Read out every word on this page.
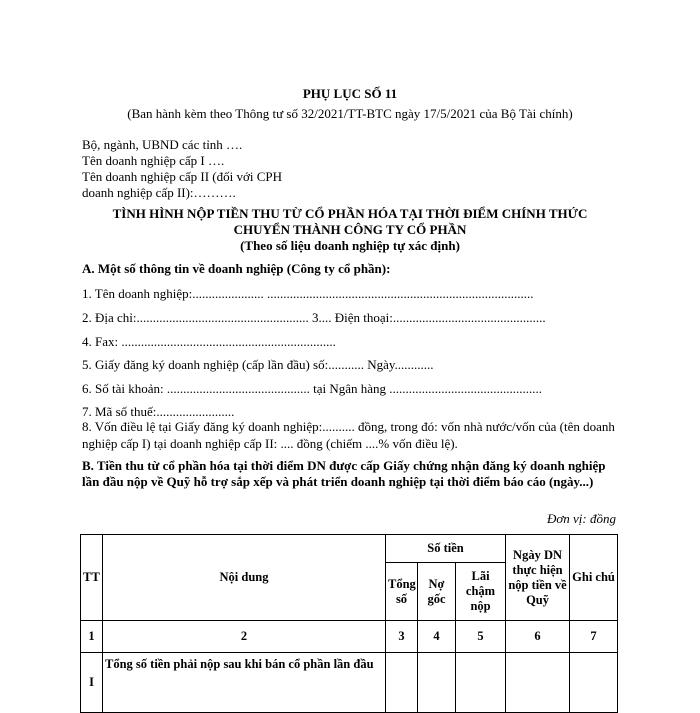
PHỤ LỤC SỐ 11
(Ban hành kèm theo Thông tư số 32/2021/TT-BTC ngày 17/5/2021 của Bộ Tài chính)
Bộ, ngành, UBND các tỉnh ….
Tên doanh nghiệp cấp I ….
Tên doanh nghiệp cấp II (đối với CPH
doanh nghiệp cấp II):……….
TÌNH HÌNH NỘP TIỀN THU TỪ CỔ PHẦN HÓA TẠI THỜI ĐIỂM CHÍNH THỨC
CHUYỂN THÀNH CÔNG TY CỔ PHẦN
(Theo số liệu doanh nghiệp tự xác định)
A. Một số thông tin về doanh nghiệp (Công ty cổ phần):
1. Tên doanh nghiệp:...................... ..................................................................................
2. Địa chỉ:..................................................... 3.... Điện thoại:...............................................
4. Fax: ..................................................................
5. Giấy đăng ký doanh nghiệp (cấp lần đầu) số:........... Ngày............
6. Số tài khoản: ............................................ tại Ngân hàng ...............................................
7. Mã số thuế:........................
8. Vốn điều lệ tại Giấy đăng ký doanh nghiệp:.......... đồng, trong đó: vốn nhà nước/vốn của (tên doanh nghiệp cấp I) tại doanh nghiệp cấp II: .... đồng (chiếm ....% vốn điều lệ).
B. Tiền thu từ cổ phần hóa tại thời điểm DN được cấp Giấy chứng nhận đăng ký doanh nghiệp lần đầu nộp về Quỹ hỗ trợ sắp xếp và phát triển doanh nghiệp tại thời điểm báo cáo (ngày...)
Đơn vị: đồng
TT	Nội dung	Số tiền			Ngày DN thực hiện nộp tiền về Quỹ	Ghi chú
		Tổng số	Nợ gốc	Lãi chậm nộp		
1	2	3	4	5	6	7
I	Tổng số tiền phải nộp sau khi bán cổ phần lần đầu					
